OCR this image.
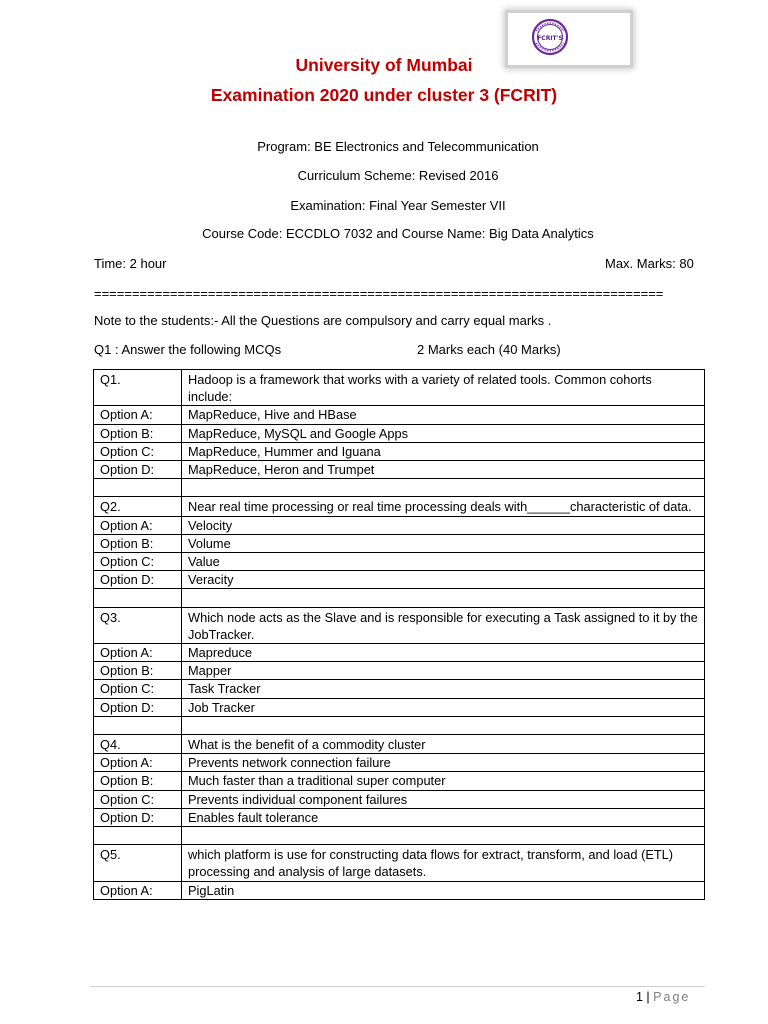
FCRIT'S
University of Mumbai
Examination 2020 under cluster 3 (FCRIT)
Program: BE Electronics and Telecommunication
Curriculum Scheme: Revised 2016
Examination: Final Year Semester VII
Course Code: ECCDLO 7032 and Course Name: Big Data Analytics
Time: 2 hour	Max. Marks: 80
===========================================================================
Note to the students:- All the Questions are compulsory and carry equal marks .
Q1 : Answer the following MCQs	2 Marks each (40 Marks)
Q1.	Hadoop is a framework that works with a variety of related tools. Common cohorts include:
Option A:	MapReduce, Hive and HBase
Option B:	MapReduce, MySQL and Google Apps
Option C:	MapReduce, Hummer and Iguana
Option D:	MapReduce, Heron and Trumpet

Q2.	Near real time processing or real time processing deals with______characteristic of data.
Option A:	Velocity
Option B:	Volume
Option C:	Value
Option D:	Veracity

Q3.	Which node acts as the Slave and is responsible for executing a Task assigned to it by the JobTracker.
Option A:	Mapreduce
Option B:	Mapper
Option C:	Task Tracker
Option D:	Job Tracker

Q4.	What is the benefit of a commodity cluster
Option A:	Prevents network connection failure
Option B:	Much faster than a traditional super computer
Option C:	Prevents individual component failures
Option D:	Enables fault tolerance

Q5.	which platform is use for constructing data flows for extract, transform, and load (ETL) processing and analysis of large datasets.
Option A:	PigLatin
1 | Page
